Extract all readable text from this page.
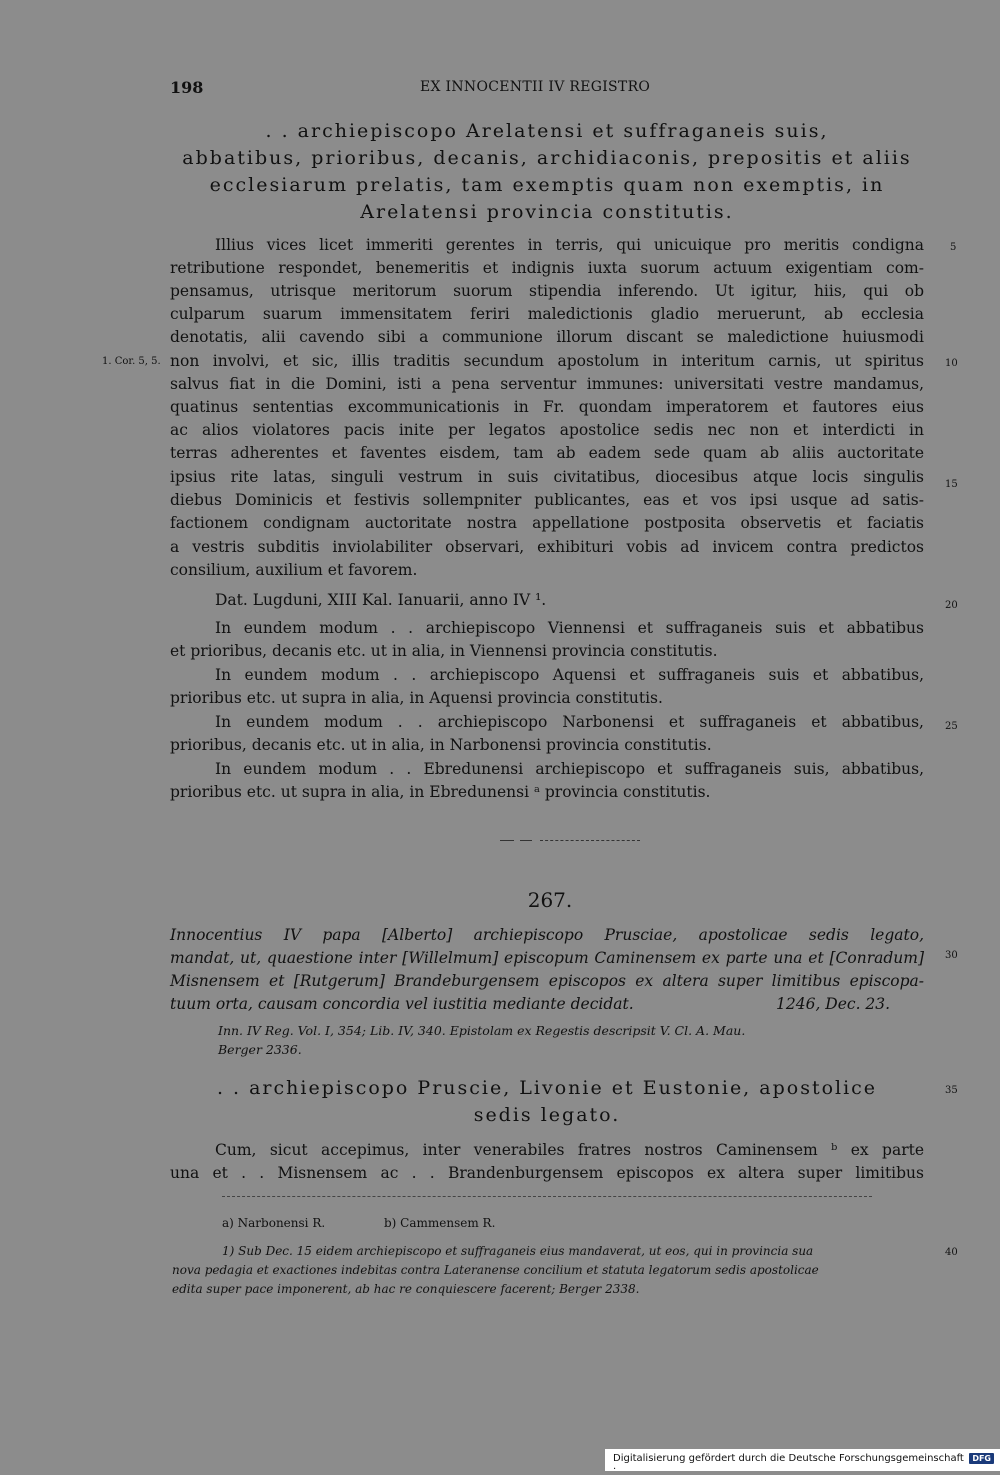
198	EX INNOCENTII IV REGISTRO
. . archiepiscopo Arelatensi et suffraganeis suis,
abbatibus, prioribus, decanis, archidiaconis, prepositis et aliis
ecclesiarum prelatis, tam exemptis quam non exemptis, in
Arelatensi provincia constitutis.
Illius vices licet immeriti gerentes in terris, qui unicuique pro meritis condigna
retributione respondet, benemeritis et indignis iuxta suorum actuum exigentiam com-
pensamus, utrisque meritorum suorum stipendia inferendo. Ut igitur, hiis, qui ob
culparum suarum immensitatem feriri maledictionis gladio meruerunt, ab ecclesia
denotatis, alii cavendo sibi a communione illorum discant se maledictione huiusmodi
non involvi, et sic, illis traditis secundum apostolum in interitum carnis, ut spiritus
salvus fiat in die Domini, isti a pena serventur immunes: universitati vestre mandamus,
quatinus sententias excommunicationis in Fr. quondam imperatorem et fautores eius
ac alios violatores pacis inite per legatos apostolice sedis nec non et interdicti in
terras adherentes et faventes eisdem, tam ab eadem sede quam ab aliis auctoritate
ipsius rite latas, singuli vestrum in suis civitatibus, diocesibus atque locis singulis
diebus Dominicis et festivis sollempniter publicantes, eas et vos ipsi usque ad satis-
factionem condignam auctoritate nostra appellatione postposita observetis et faciatis
a vestris subditis inviolabiliter observari, exhibituri vobis ad invicem contra predictos
consilium, auxilium et favorem.
Dat. Lugduni, XIII Kal. Ianuarii, anno IV ¹.
In eundem modum . . archiepiscopo Viennensi et suffraganeis suis et abbatibus
et prioribus, decanis etc. ut in alia, in Viennensi provincia constitutis.
In eundem modum . . archiepiscopo Aquensi et suffraganeis suis et abbatibus,
prioribus etc. ut supra in alia, in Aquensi provincia constitutis.
In eundem modum . . archiepiscopo Narbonensi et suffraganeis et abbatibus,
prioribus, decanis etc. ut in alia, in Narbonensi provincia constitutis.
In eundem modum . . Ebredunensi archiepiscopo et suffraganeis suis, abbatibus,
prioribus etc. ut supra in alia, in Ebredunensi ᵃ provincia constitutis.
1. Cor. 5, 5.
5
10
15
20
25
30
35
40
267.
Innocentius IV papa [Alberto] archiepiscopo Prusciae, apostolicae sedis legato,
mandat, ut, quaestione inter [Willelmum] episcopum Caminensem ex parte una et [Conradum]
Misnensem et [Rutgerum] Brandeburgensem episcopos ex altera super limitibus episcopa-
tuum orta, causam concordia vel iustitia mediante decidat.	1246, Dec. 23.
Inn. IV Reg. Vol. I, 354; Lib. IV, 340. Epistolam ex Regestis descripsit V. Cl. A. Mau.
Berger 2336.
. . archiepiscopo Pruscie, Livonie et Eustonie, apostolice
sedis legato.
Cum, sicut accepimus, inter venerabiles fratres nostros Caminensem ᵇ ex parte
una et . . Misnensem ac . . Brandenburgensem episcopos ex altera super limitibus
a) Narbonensi R.	b) Cammensem R.
1) Sub Dec. 15 eidem archiepiscopo et suffraganeis eius mandaverat, ut eos, qui in provincia sua
nova pedagia et exactiones indebitas contra Lateranense concilium et statuta legatorum sedis apostolicae
edita super pace imponerent, ab hac re conquiescere facerent; Berger 2338.
Digitalisierung gefördert durch die Deutsche Forschungsgemeinschaft ·
DFG
